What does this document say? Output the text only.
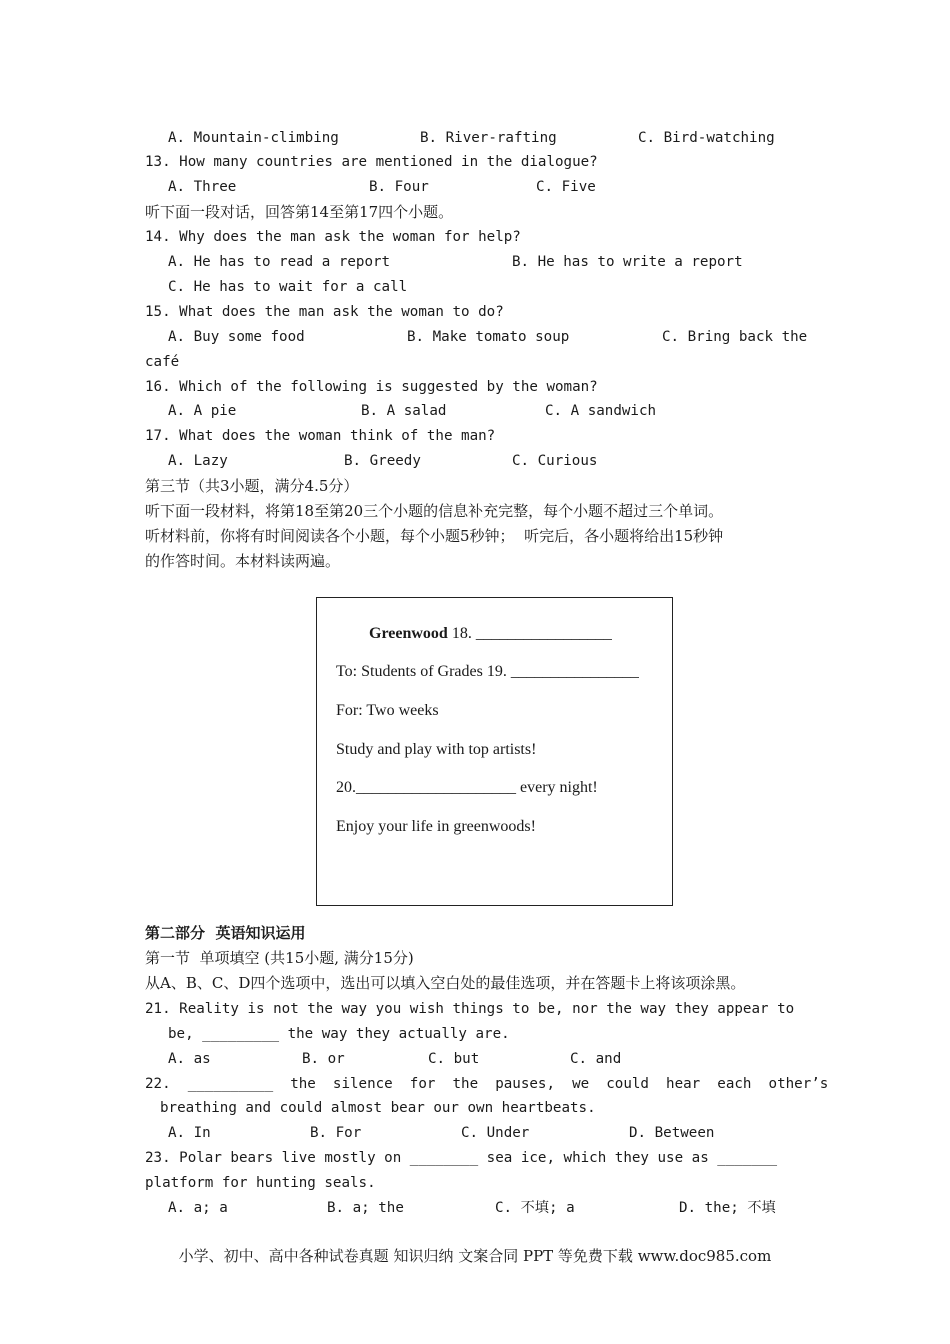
A. Mountain-climbing	B. River-rafting	C. Bird-watching
13. How many countries are mentioned in the dialogue?
A. Three	B. Four	C. Five
听下面一段对话，回答第14至第17四个小题。
14. Why does the man ask the woman for help?
A. He has to read a report	B. He has to write a report
C. He has to wait for a call
15. What does the man ask the woman to do?
A. Buy some food	B. Make tomato soup	C. Bring back the
café
16. Which of the following is suggested by the woman?
A. A pie	B. A salad	C. A sandwich
17. What does the woman think of the man?
A. Lazy	B. Greedy	C. Curious
第三节（共3小题，满分4.5分）
听下面一段材料，将第18至第20三个小题的信息补充完整，每个小题不超过三个单词。
听材料前，你将有时间阅读各个小题，每个小题5秒钟；  听完后，各小题将给出15秒钟
的作答时间。本材料读两遍。
Greenwood 18. _________________
To: Students of Grades 19. ________________
For: Two weeks
Study and play with top artists!
20.____________________ every night!
Enjoy your life in greenwoods!
第二部分  英语知识运用
第一节  单项填空 (共15小题, 满分15分)
从A、B、C、D四个选项中，选出可以填入空白处的最佳选项，并在答题卡上将该项涂黑。
21. Reality is not the way you wish things to be, nor the way they appear to
be, _________ the way they actually are.
A. as	B. or	C. but	C. and
22.  __________  the  silence  for  the  pauses,  we  could  hear  each  other’s
breathing and could almost bear our own heartbeats.
A. In	B. For	C. Under	D. Between
23. Polar bears live mostly on ________ sea ice, which they use as _______
platform for hunting seals.
A. a; a	B. a; the	C. 不填; a	D. the; 不填
小学、初中、高中各种试卷真题 知识归纳 文案合同 PPT 等免费下载 www.doc985.com
